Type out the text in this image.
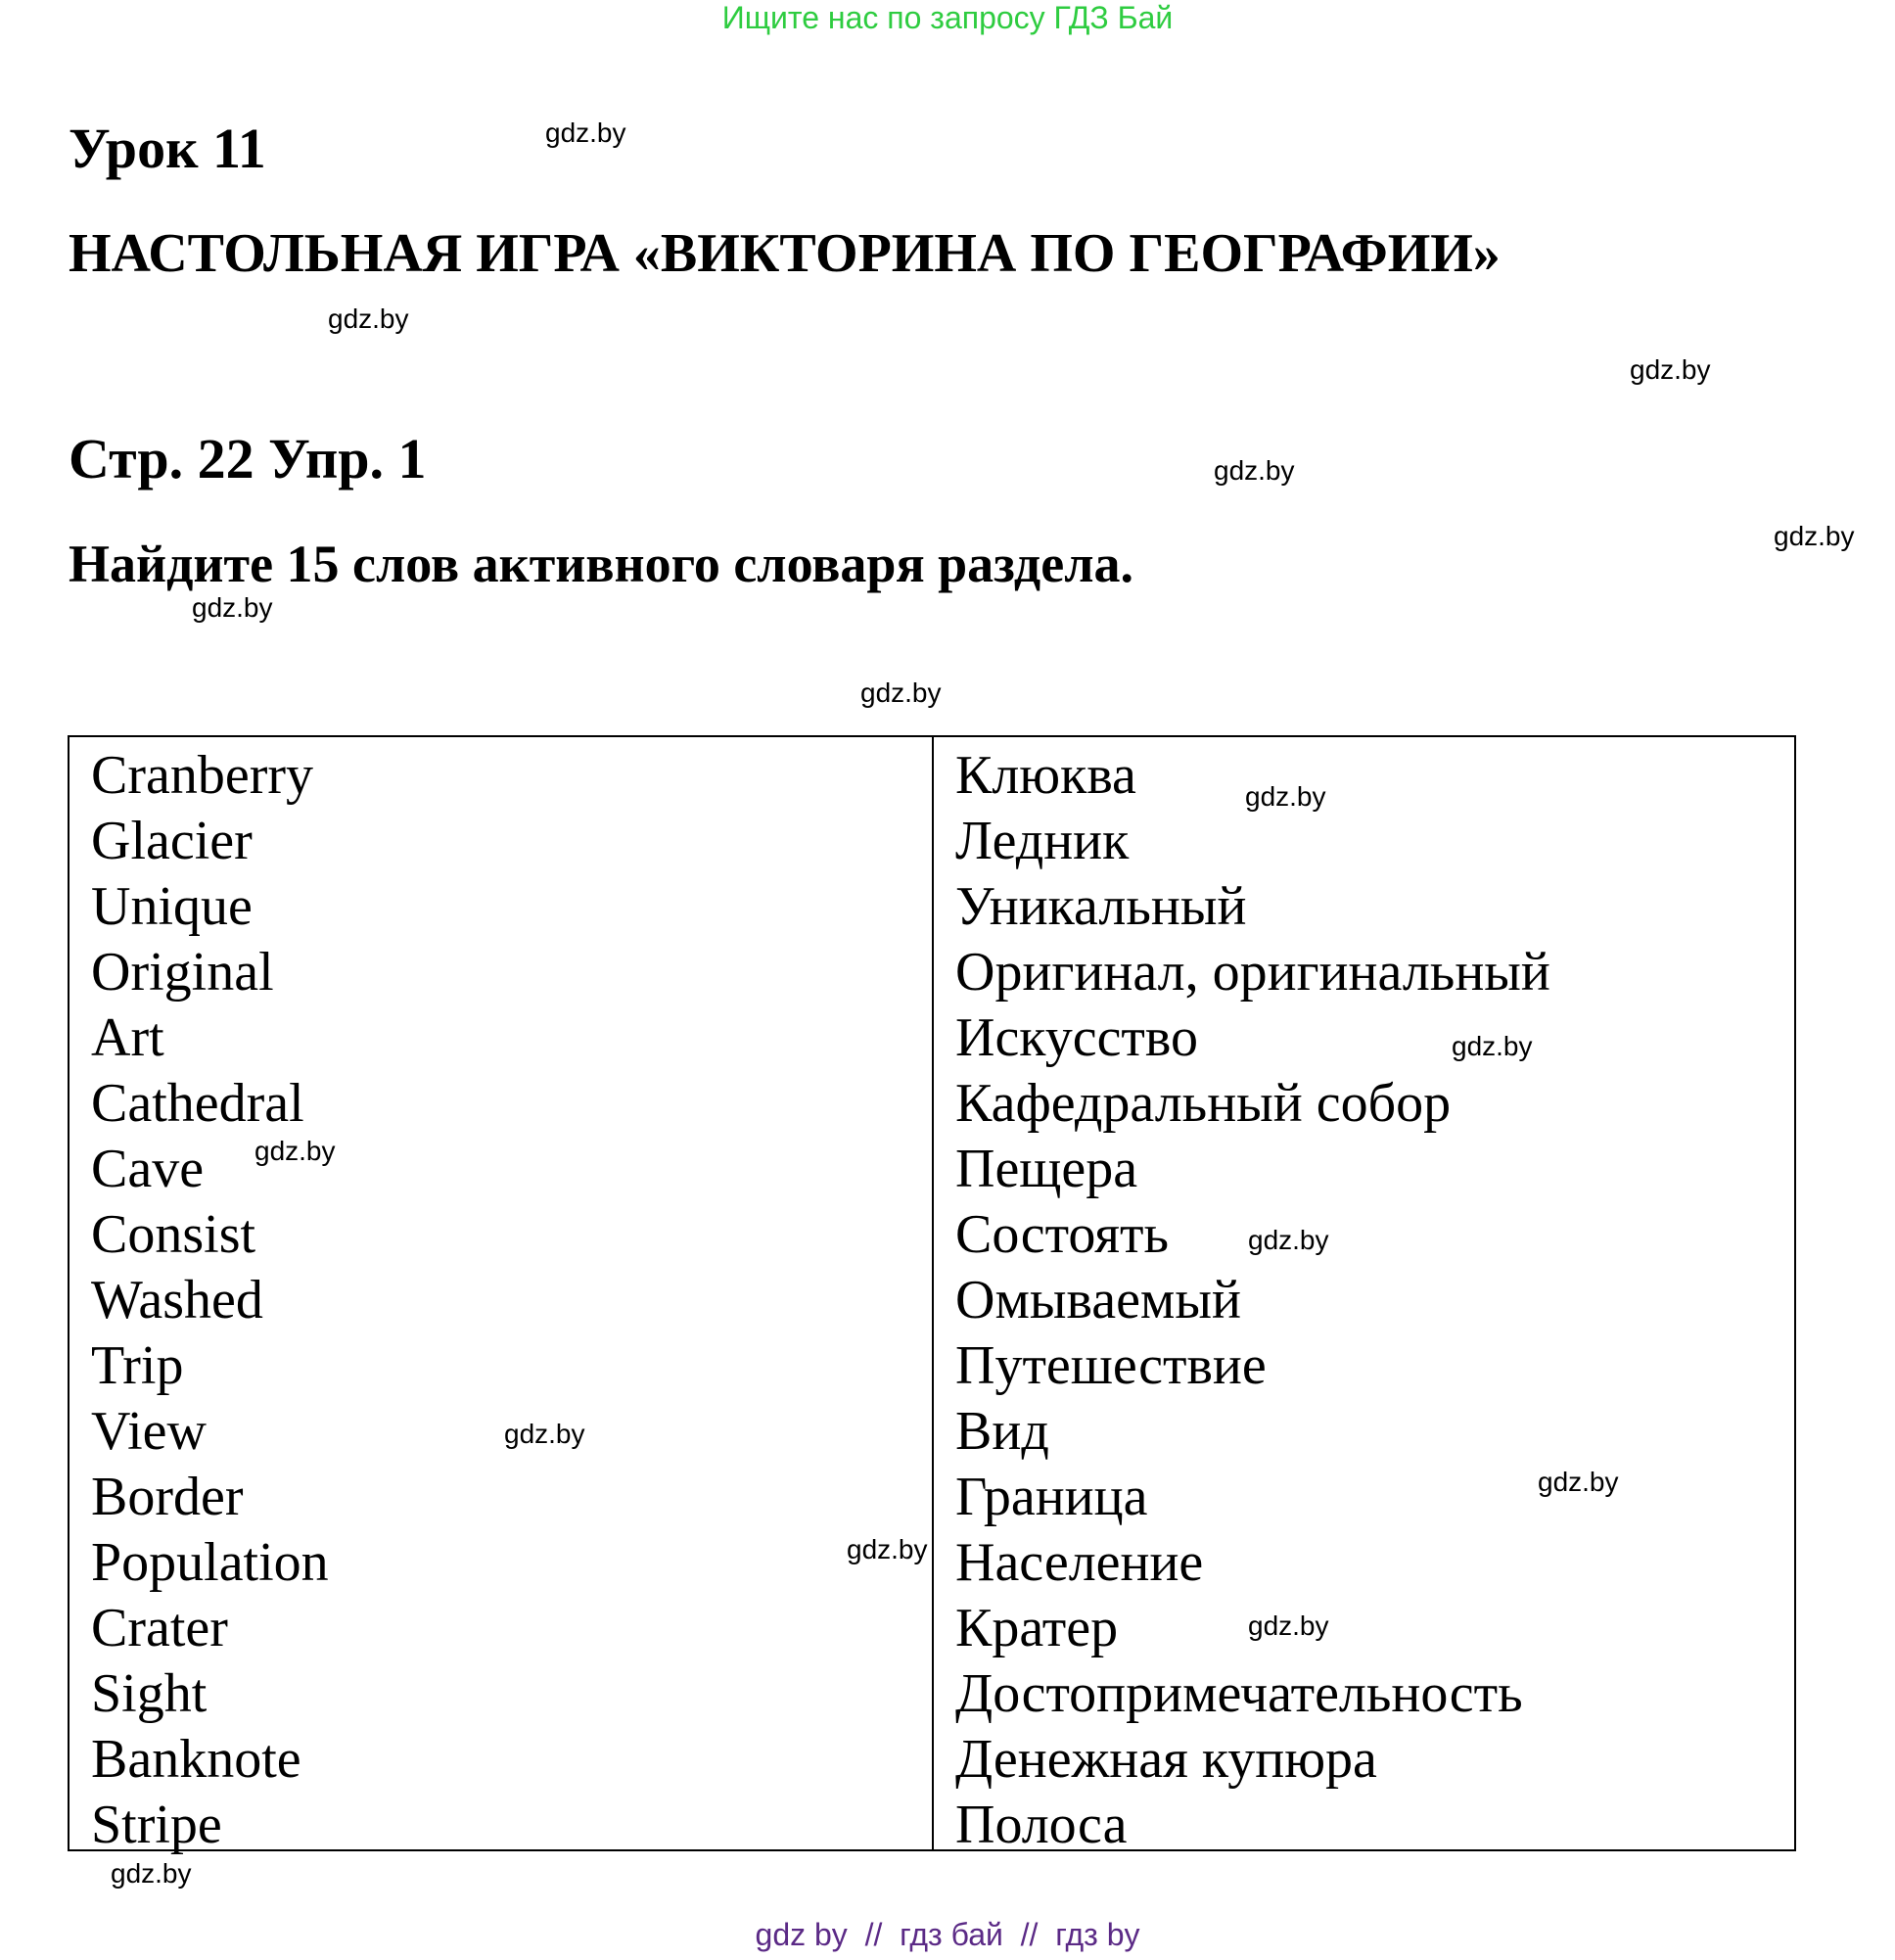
Ищите нас по запросу ГДЗ Бай
Урок 11
НАСТОЛЬНАЯ ИГРА «ВИКТОРИНА ПО ГЕОГРАФИИ»
Стр. 22 Упр. 1
Найдите 15 слов активного словаря раздела.
gdz.by
gdz.by
gdz.by
gdz.by
gdz.by
gdz.by
gdz.by
Cranberry
Glacier
Unique
Original
Art
Cathedral
Cave
Consist
Washed
Trip
View
Border
Population
Crater
Sight
Banknote
Stripe
Клюква
Ледник
Уникальный
Оригинал, оригинальный
Искусство
Кафедральный собор
Пещера
Состоять
Омываемый
Путешествие
Вид
Граница
Население
Кратер
Достопримечательность
Денежная купюра
Полоса
gdz.by
gdz.by
gdz.by
gdz.by
gdz.by
gdz.by
gdz.by
gdz.by
gdz.by
gdz by  //  гдз бай  //  гдз by
